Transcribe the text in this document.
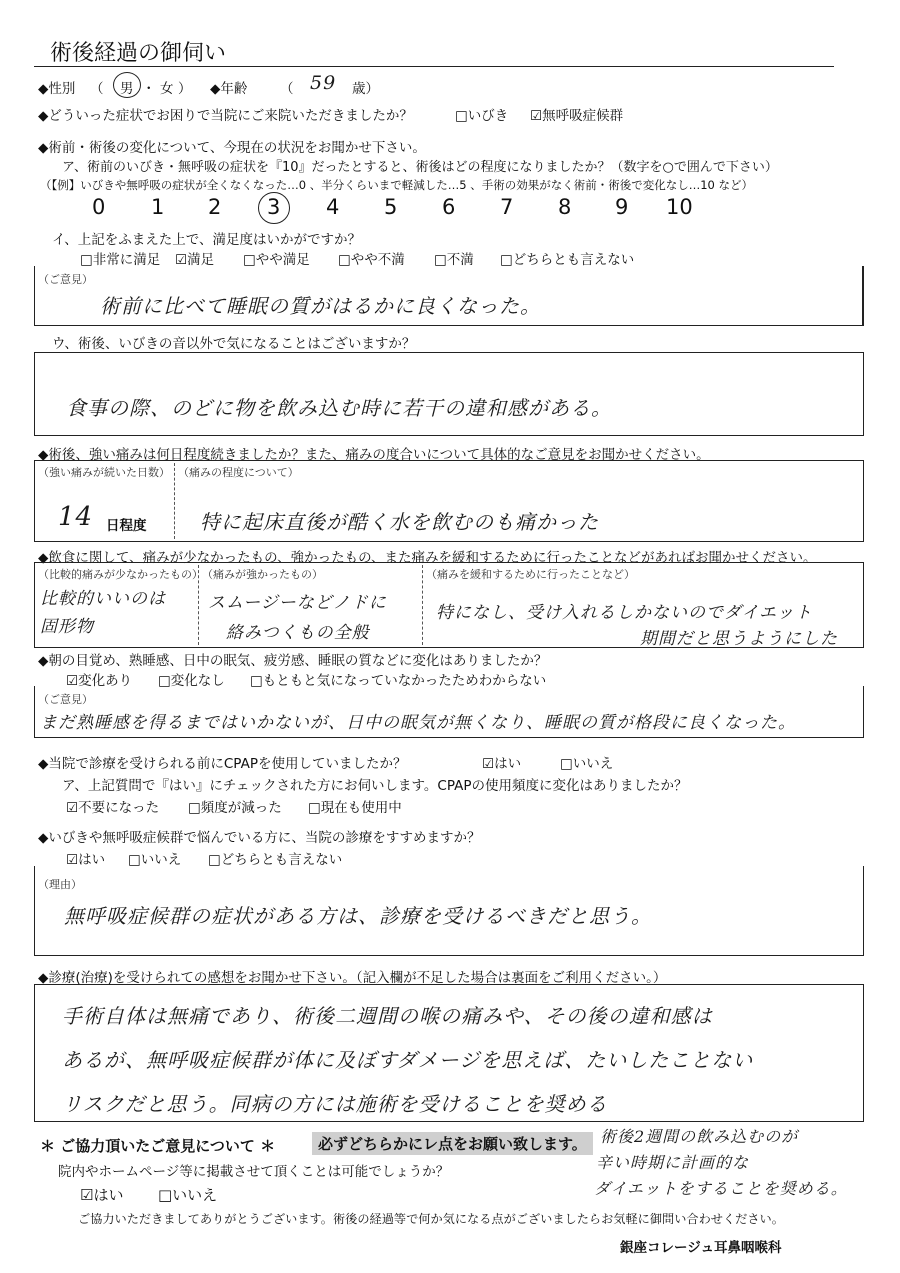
術後経過の御伺い
◆性別 （ 男 ・ 女 ） ◆年齢 （ 59 歳）
◆どういった症状でお困りで当院にご来院いただきましたか？	□いびき ☑無呼吸症候群
◆術前・術後の変化について、今現在の状況をお聞かせ下さい。
ア、術前のいびき・無呼吸の症状を『10』だったとすると、術後はどの程度になりましたか？（数字を○で囲んで下さい）
（【例】いびきや無呼吸の症状が全くなくなった…0 、半分くらいまで軽減した…5 、手術の効果がなく術前・術後で変化なし…10 など）
0 1 2 3 4 5 6 7 8 9 10
イ、上記をふまえた上で、満足度はいかがですか？
□非常に満足 ☑満足 □やや満足 □やや不満 □不満 □どちらとも言えない
（ご意見）
術前に比べて睡眠の質がはるかに良くなった。
ウ、術後、いびきの音以外で気になることはございますか？
食事の際、のどに物を飲み込む時に若干の違和感がある。
◆術後、強い痛みは何日程度続きましたか？また、痛みの度合いについて具体的なご意見をお聞かせください。
（強い痛みが続いた日数）
14 日程度
（痛みの程度について）
特に起床直後が酷く水を飲むのも痛かった
◆飲食に関して、痛みが少なかったもの、強かったもの、また痛みを緩和するために行ったことなどがあればお聞かせください。
（比較的痛みが少なかったもの）
比較的いいのは
固形物
（痛みが強かったもの）
スムージーなどノドに
絡みつくもの全般
（痛みを緩和するために行ったことなど）
特になし、受け入れるしかないのでダイエット
期間だと思うようにした
◆朝の目覚め、熟睡感、日中の眠気、疲労感、睡眠の質などに変化はありましたか？
☑変化あり □変化なし □もともと気になっていなかったためわからない
（ご意見）
まだ熟睡感を得るまではいかないが、日中の眠気が無くなり、睡眠の質が格段に良くなった。
◆当院で診療を受けられる前にCPAPを使用していましたか？	☑はい	□いいえ
ア、上記質問で『はい』にチェックされた方にお伺いします。CPAPの使用頻度に変化はありましたか？
☑不要になった □頻度が減った □現在も使用中
◆いびきや無呼吸症候群で悩んでいる方に、当院の診療をすすめますか？
☑はい □いいえ □どちらとも言えない
（理由）
無呼吸症候群の症状がある方は、診療を受けるべきだと思う。
◆診療(治療)を受けられての感想をお聞かせ下さい。（記入欄が不足した場合は裏面をご利用ください。）
手術自体は無痛であり、術後二週間の喉の痛みや、その後の違和感は
あるが、無呼吸症候群が体に及ぼすダメージを思えば、たいしたことない
リスクだと思う。同病の方には施術を受けることを奨める
術後2週間の飲み込むのが
辛い時期に計画的な
ダイエットをすることを奨める。
＊ ご協力頂いたご意見について ＊	必ずどちらかにレ点をお願い致します。
院内やホームページ等に掲載させて頂くことは可能でしょうか？
☑はい □いいえ
ご協力いただきましてありがとうございます。術後の経過等で何か気になる点がございましたらお気軽に御問い合わせください。
銀座コレージュ耳鼻咽喉科
